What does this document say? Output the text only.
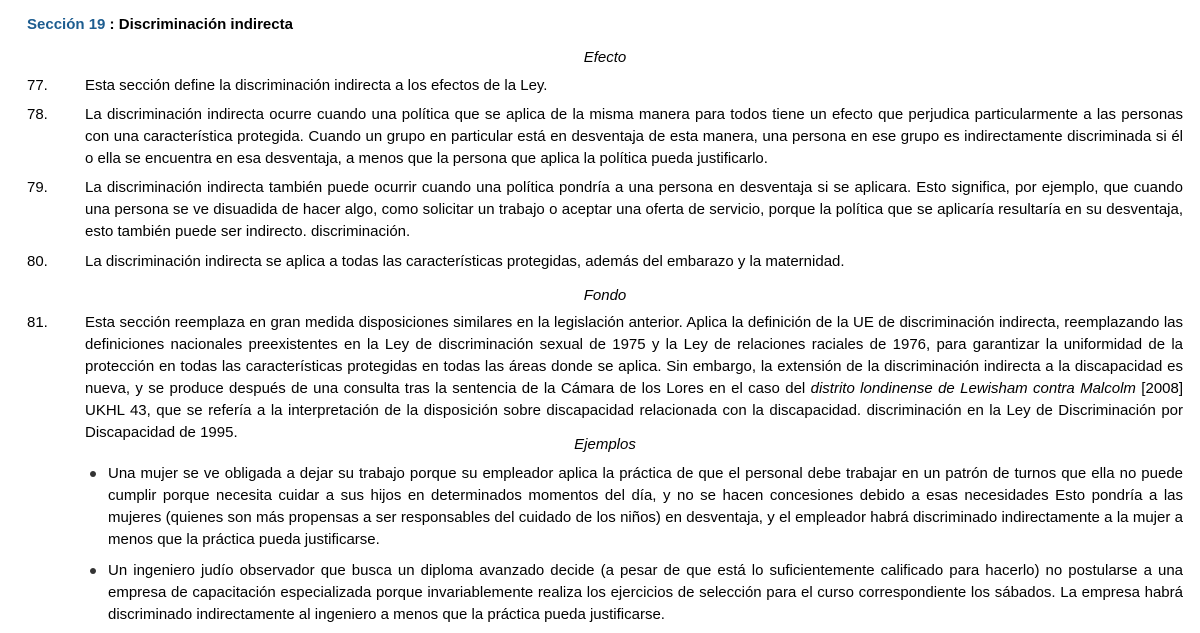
Sección 19 : Discriminación indirecta
Efecto
77. Esta sección define la discriminación indirecta a los efectos de la Ley.
78. La discriminación indirecta ocurre cuando una política que se aplica de la misma manera para todos tiene un efecto que perjudica particularmente a las personas con una característica protegida. Cuando un grupo en particular está en desventaja de esta manera, una persona en ese grupo es indirectamente discriminada si él o ella se encuentra en esa desventaja, a menos que la persona que aplica la política pueda justificarlo.
79. La discriminación indirecta también puede ocurrir cuando una política pondría a una persona en desventaja si se aplicara. Esto significa, por ejemplo, que cuando una persona se ve disuadida de hacer algo, como solicitar un trabajo o aceptar una oferta de servicio, porque la política que se aplicaría resultaría en su desventaja, esto también puede ser indirecto. discriminación.
80. La discriminación indirecta se aplica a todas las características protegidas, además del embarazo y la maternidad.
Fondo
81. Esta sección reemplaza en gran medida disposiciones similares en la legislación anterior. Aplica la definición de la UE de discriminación indirecta, reemplazando las definiciones nacionales preexistentes en la Ley de discriminación sexual de 1975 y la Ley de relaciones raciales de 1976, para garantizar la uniformidad de la protección en todas las características protegidas en todas las áreas donde se aplica. Sin embargo, la extensión de la discriminación indirecta a la discapacidad es nueva, y se produce después de una consulta tras la sentencia de la Cámara de los Lores en el caso del distrito londinense de Lewisham contra Malcolm [2008] UKHL 43, que se refería a la interpretación de la disposición sobre discapacidad relacionada con la discapacidad. discriminación en la Ley de Discriminación por Discapacidad de 1995.
Ejemplos
Una mujer se ve obligada a dejar su trabajo porque su empleador aplica la práctica de que el personal debe trabajar en un patrón de turnos que ella no puede cumplir porque necesita cuidar a sus hijos en determinados momentos del día, y no se hacen concesiones debido a esas necesidades Esto pondría a las mujeres (quienes son más propensas a ser responsables del cuidado de los niños) en desventaja, y el empleador habrá discriminado indirectamente a la mujer a menos que la práctica pueda justificarse.
Un ingeniero judío observador que busca un diploma avanzado decide (a pesar de que está lo suficientemente calificado para hacerlo) no postularse a una empresa de capacitación especializada porque invariablemente realiza los ejercicios de selección para el curso correspondiente los sábados. La empresa habrá discriminado indirectamente al ingeniero a menos que la práctica pueda justificarse.
